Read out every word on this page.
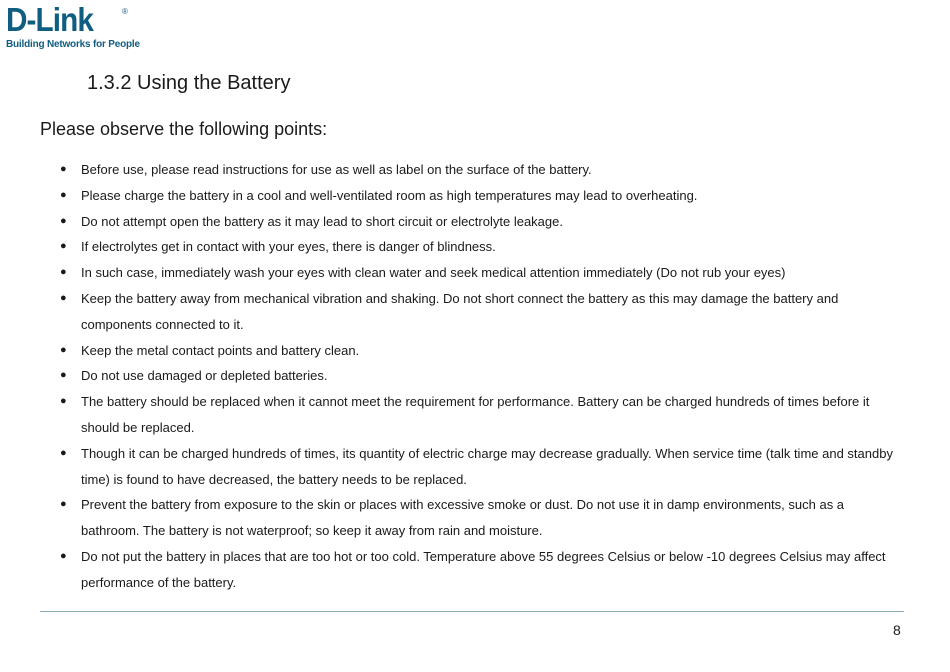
D-Link	®
Building Networks for People
1.3.2 Using the Battery

Please observe the following points:

● Before use, please read instructions for use as well as label on the surface of the battery.
● Please charge the battery in a cool and well-ventilated room as high temperatures may lead to overheating.
● Do not attempt open the battery as it may lead to short circuit or electrolyte leakage.
● If electrolytes get in contact with your eyes, there is danger of blindness.
● In such case, immediately wash your eyes with clean water and seek medical attention immediately (Do not rub your eyes)
● Keep the battery away from mechanical vibration and shaking. Do not short connect the battery as this may damage the battery and components connected to it.
● Keep the metal contact points and battery clean.
● Do not use damaged or depleted batteries.
● The battery should be replaced when it cannot meet the requirement for performance. Battery can be charged hundreds of times before it should be replaced.
● Though it can be charged hundreds of times, its quantity of electric charge may decrease gradually. When service time (talk time and standby time) is found to have decreased, the battery needs to be replaced.
● Prevent the battery from exposure to the skin or places with excessive smoke or dust. Do not use it in damp environments, such as a bathroom. The battery is not waterproof; so keep it away from rain and moisture.
● Do not put the battery in places that are too hot or too cold. Temperature above 55 degrees Celsius or below -10 degrees Celsius may affect performance of the battery.
8
